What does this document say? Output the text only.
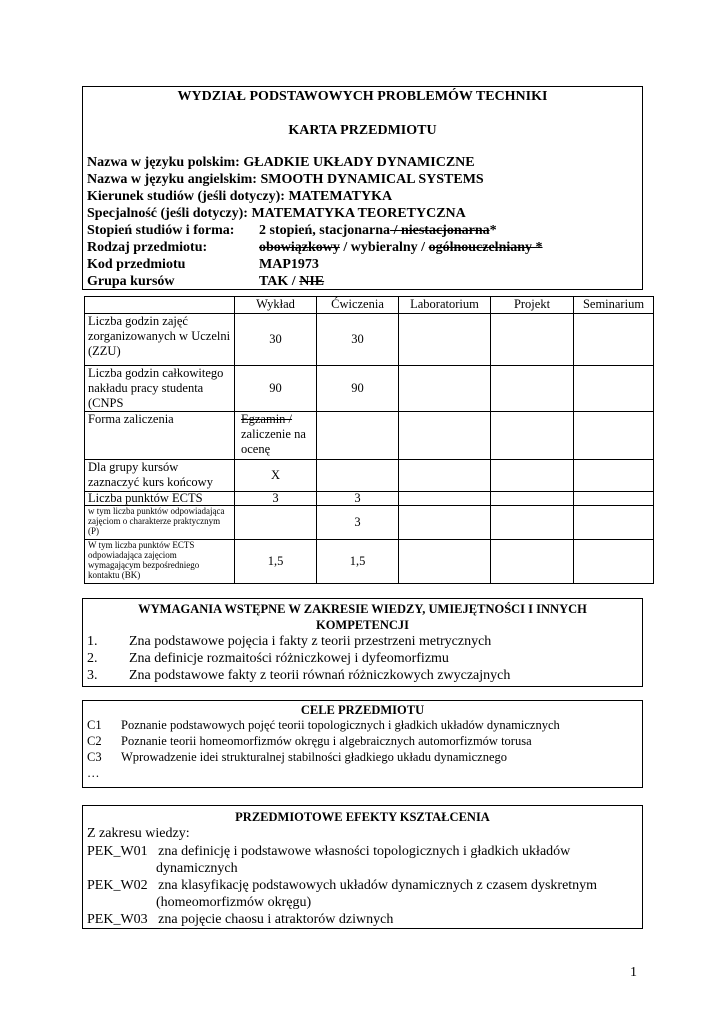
WYDZIAŁ PODSTAWOWYCH PROBLEMÓW TECHNIKI
KARTA PRZEDMIOTU
Nazwa w języku polskim: GŁADKIE UKŁADY DYNAMICZNE
Nazwa w języku angielskim: SMOOTH DYNAMICAL SYSTEMS
Kierunek studiów (jeśli dotyczy): MATEMATYKA
Specjalność (jeśli dotyczy): MATEMATYKA TEORETYCZNA
Stopień studiów i forma: 2 stopień, stacjonarna / niestacjonarna*
Rodzaj przedmiotu:	obowiązkowy / wybieralny / ogólnouczelniany *
Kod przedmiotu	MAP1973
Grupa kursów	TAK / NIE
	Wykład	Ćwiczenia	Laboratorium	Projekt	Seminarium
Liczba godzin zajęć zorganizowanych w Uczelni (ZZU)	30	30			
Liczba godzin całkowitego nakładu pracy studenta (CNPS	90	90			
Forma zaliczenia	Egzamin /
zaliczenie na ocenę				

Dla grupy kursów zaznaczyć kurs końcowy	X				
Liczba punktów ECTS	3	3			
w tym liczba punktów odpowiadająca zajęciom o charakterze praktycznym (P)		3			
W tym liczba punktów ECTS odpowiadająca zajęciom wymagającym bezpośredniego kontaktu (BK)	1,5	1,5			
WYMAGANIA WSTĘPNE W ZAKRESIE WIEDZY, UMIEJĘTNOŚCI I INNYCH KOMPETENCJI
1. Zna podstawowe pojęcia i fakty z teorii przestrzeni metrycznych
2. Zna definicje rozmaitości różniczkowej i dyfeomorfizmu
3. Zna podstawowe fakty z teorii równań różniczkowych zwyczajnych
CELE PRZEDMIOTU
C1 Poznanie podstawowych pojęć teorii topologicznych i gładkich układów dynamicznych
C2 Poznanie teorii homeomorfizmów okręgu i algebraicznych automorfizmów torusa
C3 Wprowadzenie idei strukturalnej stabilności gładkiego układu dynamicznego
…
PRZEDMIOTOWE EFEKTY KSZTAŁCENIA
Z zakresu wiedzy:
PEK_W01   zna definicję i podstawowe własności topologicznych i gładkich układów
dynamicznych
PEK_W02   zna klasyfikację podstawowych układów dynamicznych z czasem dyskretnym
(homeomorfizmów okręgu)
PEK_W03   zna pojęcie chaosu i atraktorów dziwnych
1
